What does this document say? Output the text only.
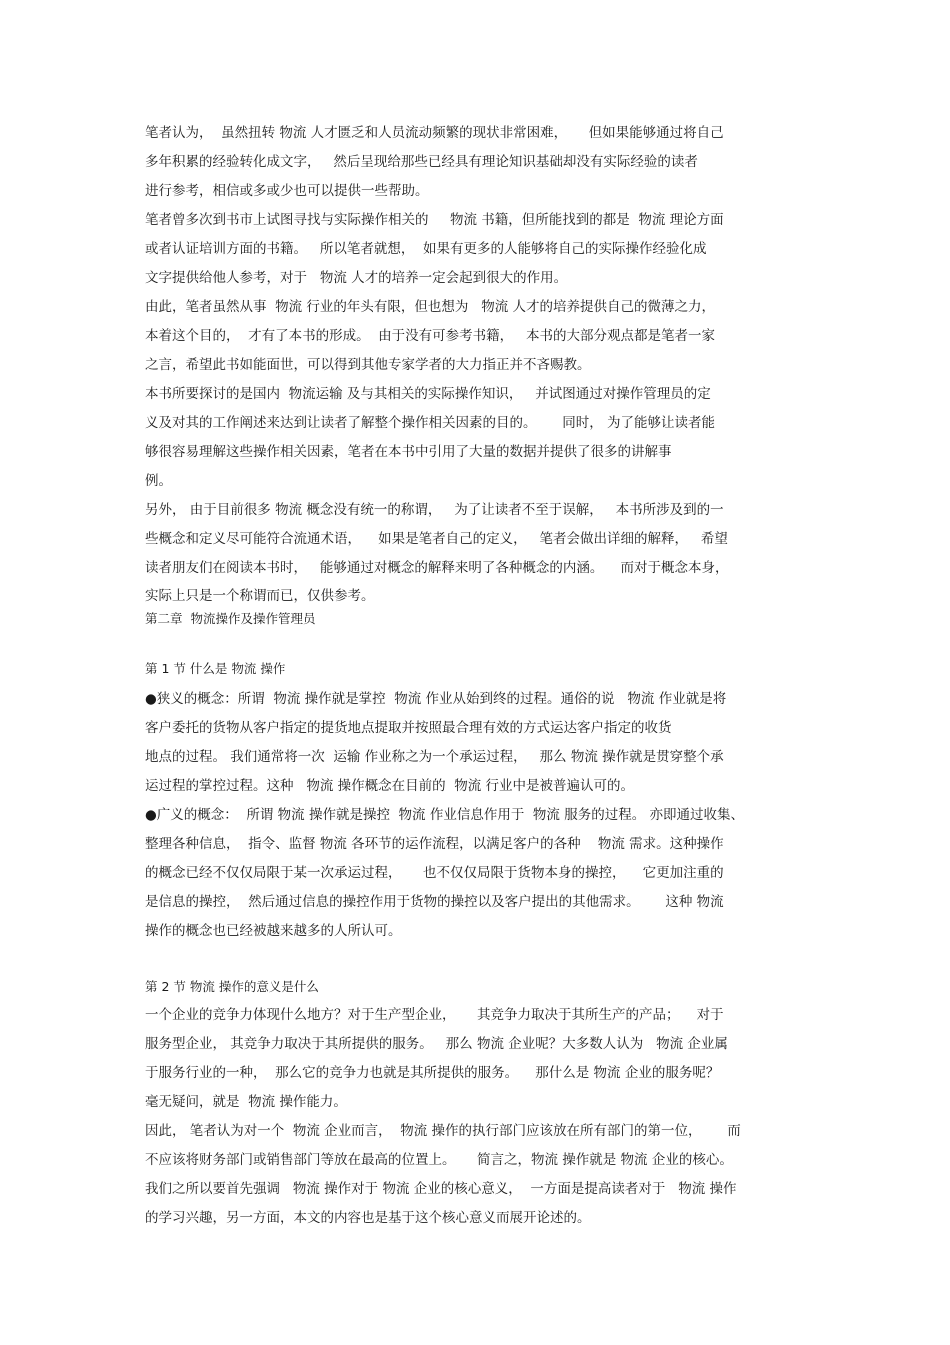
笔者认为，  虽然扭转 物流 人才匮乏和人员流动频繁的现状非常困难，     但如果能够通过将自己
多年积累的经验转化成文字，   然后呈现给那些已经具有理论知识基础却没有实际经验的读者
进行参考，相信或多或少也可以提供一些帮助。
笔者曾多次到书市上试图寻找与实际操作相关的     物流 书籍，但所能找到的都是  物流 理论方面
或者认证培训方面的书籍。   所以笔者就想，  如果有更多的人能够将自己的实际操作经验化成
文字提供给他人参考，对于   物流 人才的培养一定会起到很大的作用。
由此，笔者虽然从事  物流 行业的年头有限，但也想为   物流 人才的培养提供自己的微薄之力，
本着这个目的，  才有了本书的形成。  由于没有可参考书籍，   本书的大部分观点都是笔者一家
之言，希望此书如能面世，可以得到其他专家学者的大力指正并不吝赐教。
本书所要探讨的是国内  物流运输 及与其相关的实际操作知识，   并试图通过对操作管理员的定
义及对其的工作阐述来达到让读者了解整个操作相关因素的目的。      同时， 为了能够让读者能
够很容易理解这些操作相关因素，笔者在本书中引用了大量的数据并提供了很多的讲解事
例。
另外， 由于目前很多 物流 概念没有统一的称谓，   为了让读者不至于误解，   本书所涉及到的一
些概念和定义尽可能符合流通术语，    如果是笔者自己的定义，   笔者会做出详细的解释，   希望
读者朋友们在阅读本书时，   能够通过对概念的解释来明了各种概念的内涵。    而对于概念本身，
实际上只是一个称谓而已，仅供参考。
第二章  物流操作及操作管理员
第 1 节 什么是 物流 操作
●狭义的概念：所谓  物流 操作就是掌控  物流 作业从始到终的过程。通俗的说   物流 作业就是将
客户委托的货物从客户指定的提货地点提取并按照最合理有效的方式运达客户指定的收货
地点的过程。 我们通常将一次  运输 作业称之为一个承运过程，   那么 物流 操作就是贯穿整个承
运过程的掌控过程。这种   物流 操作概念在目前的  物流 行业中是被普遍认可的。
●广义的概念：  所谓 物流 操作就是操控  物流 作业信息作用于  物流 服务的过程。 亦即通过收集、
整理各种信息，  指令、监督 物流 各环节的运作流程，以满足客户的各种    物流 需求。这种操作
的概念已经不仅仅局限于某一次承运过程，     也不仅仅局限于货物本身的操控，    它更加注重的
是信息的操控，  然后通过信息的操控作用于货物的操控以及客户提出的其他需求。      这种 物流
操作的概念也已经被越来越多的人所认可。
第 2 节 物流 操作的意义是什么
一个企业的竞争力体现什么地方？对于生产型企业，     其竞争力取决于其所生产的产品；    对于
服务型企业， 其竞争力取决于其所提供的服务。   那么 物流 企业呢？大多数人认为   物流 企业属
于服务行业的一种，  那么它的竞争力也就是其所提供的服务。    那什么是 物流 企业的服务呢？
毫无疑问，就是  物流 操作能力。
因此， 笔者认为对一个  物流 企业而言，  物流 操作的执行部门应该放在所有部门的第一位，      而
不应该将财务部门或销售部门等放在最高的位置上。     简言之，物流 操作就是 物流 企业的核心。
我们之所以要首先强调   物流 操作对于 物流 企业的核心意义，  一方面是提高读者对于   物流 操作
的学习兴趣，另一方面，本文的内容也是基于这个核心意义而展开论述的。
